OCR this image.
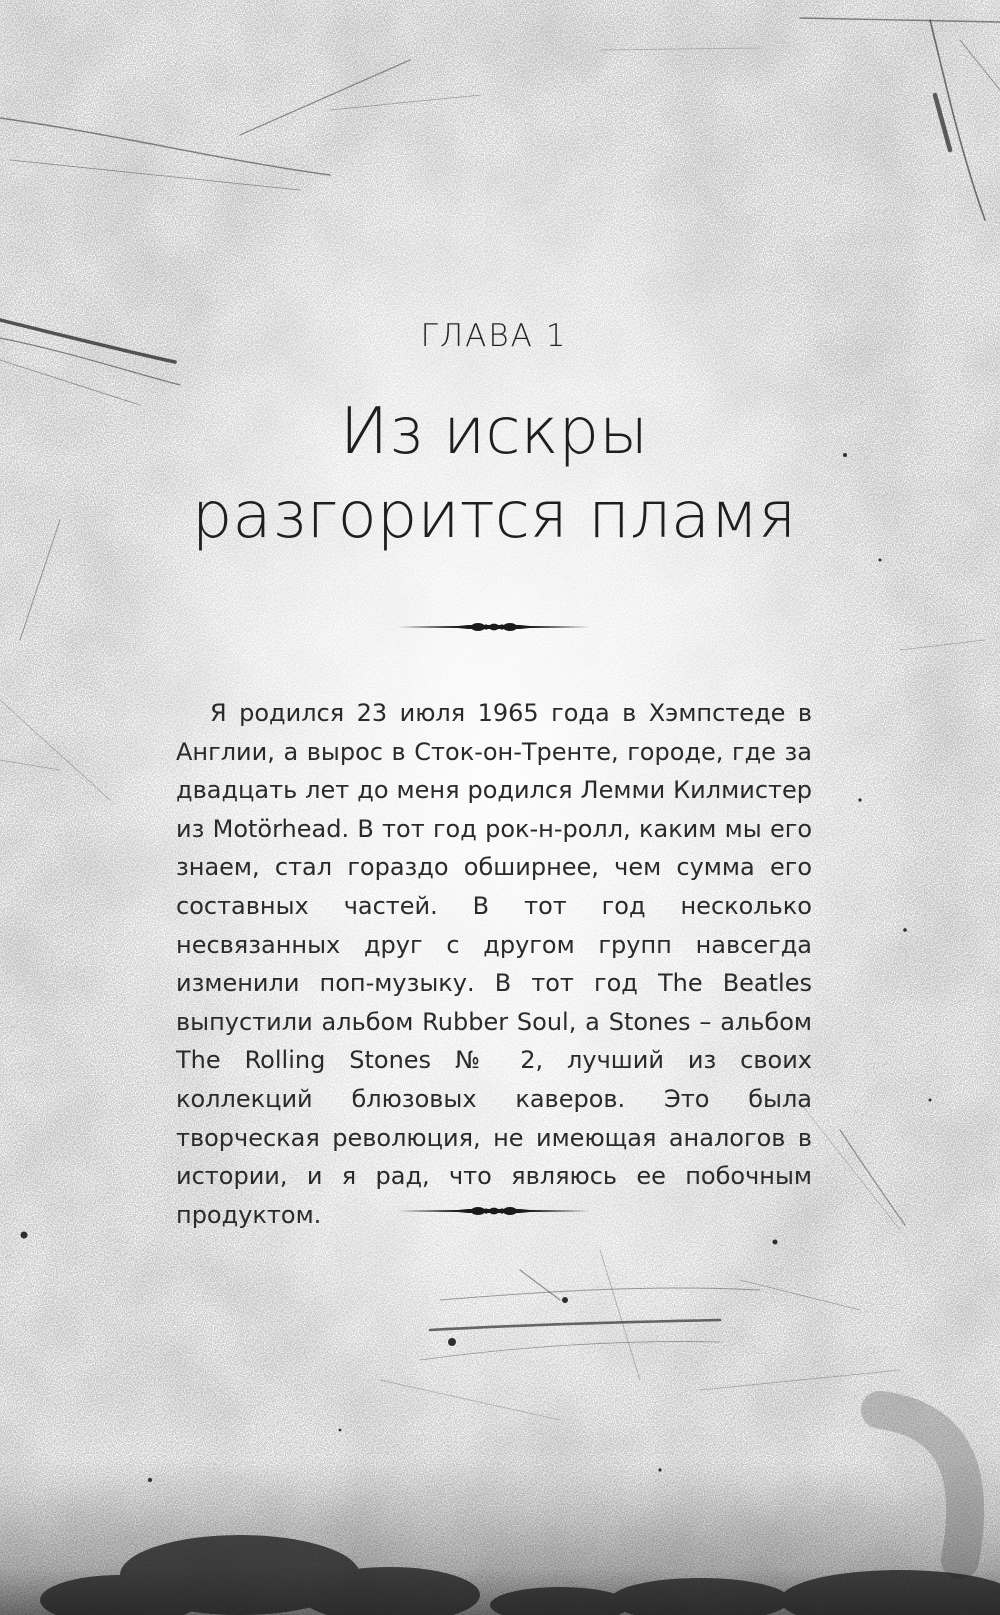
ГЛАВА 1
Из искры
разгорится пламя

Я родился 23 июля 1965 года в Хэмпстеде в Англии, а вырос в Сток-он-Тренте, городе, где за двадцать лет до меня родился Лемми Килмистер из Motörhead. В тот год рок-н-ролл, каким мы его знаем, стал гораздо обширнее, чем сумма его составных частей. В тот год несколько несвязанных друг с другом групп навсегда изменили поп-музыку. В тот год The Beatles выпустили альбом Rubber Soul, а Stones – альбом The Rolling Stones № 2, лучший из своих коллекций блюзовых каверов. Это была творческая революция, не имеющая аналогов в истории, и я рад, что являюсь ее побочным продуктом.
